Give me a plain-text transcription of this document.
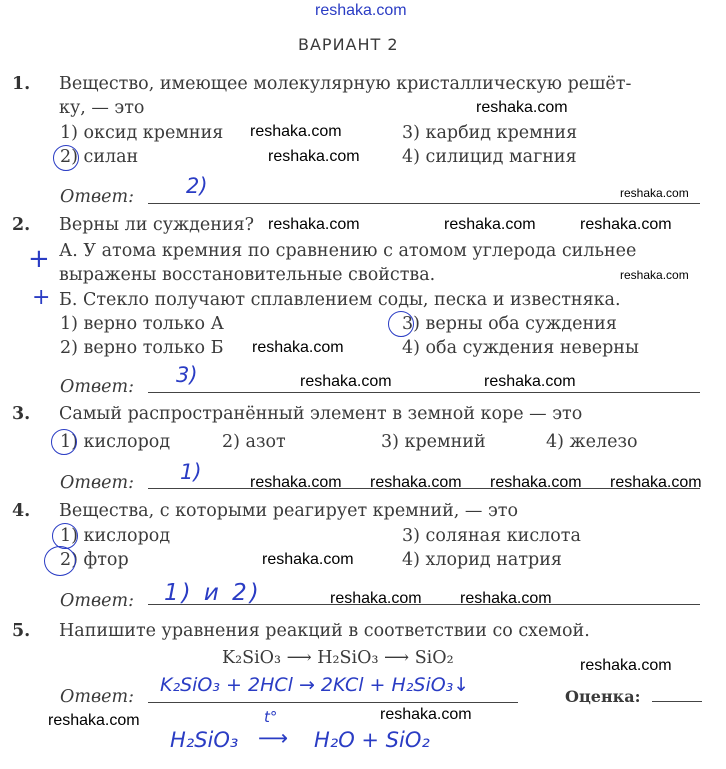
reshaka.com
ВАРИАНТ 2
1. Вещество, имеющее молекулярную кристаллическую решёт-
ку, — это
1) оксид кремния
2) силан
3) карбид кремния
4) силицид магния
Ответ: 2)
2. Верны ли суждения?
+ А. У атома кремния по сравнению с атомом углерода сильнее
выражены восстановительные свойства.
+ Б. Стекло получают сплавлением соды, песка и известняка.
1) верно только А
2) верно только Б
3) верны оба суждения
4) оба суждения неверны
Ответ: 3)
3. Самый распространённый элемент в земной коре — это
1) кислород	2) азот	3) кремний	4) железо
Ответ: 1)
4. Вещества, с которыми реагирует кремний, — это
1) кислород
2) фтор
3) соляная кислота
4) хлорид натрия
Ответ: 1) и 2)
5. Напишите уравнения реакций в соответствии со схемой.
K₂SiO₃ ⟶ H₂SiO₃ ⟶ SiO₂
Ответ:
K₂SiO₃ + 2HCl → 2KCl + H₂SiO₃↓
Оценка:
H₂SiO₃
t°
⟶ H₂O + SiO₂
reshaka.com
reshaka.com
reshaka.com
reshaka.com
reshaka.com
reshaka.com	reshaka.com
reshaka.com
reshaka.com
reshaka.com
reshaka.com
reshaka.com	reshaka.com
reshaka.com reshaka.com
reshaka.com
reshaka.com reshaka.com
reshaka.com
reshaka.com	reshaka.com
